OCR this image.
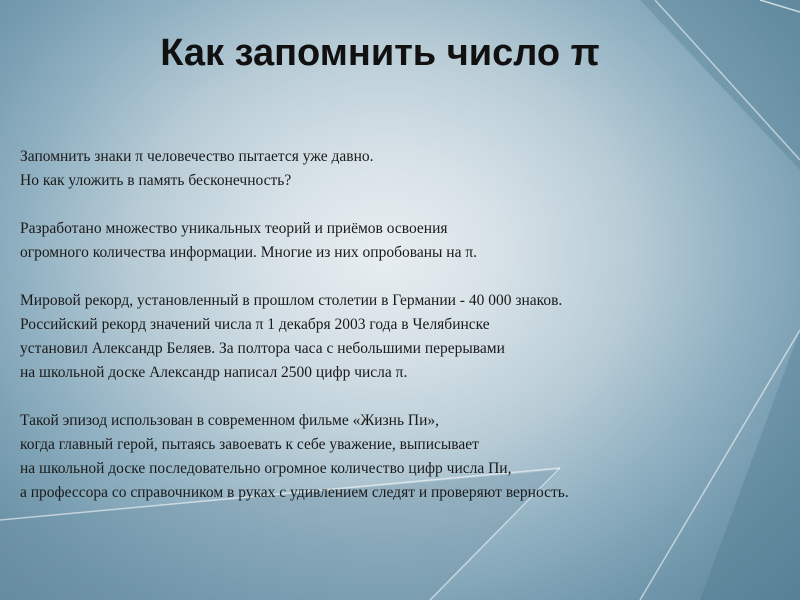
Как запомнить число π

Запомнить знаки π человечество пытается уже давно.
Но как уложить в память бесконечность?

Разработано множество уникальных теорий и приёмов освоения
огромного количества информации. Многие из них опробованы на π.

Мировой рекорд, установленный в прошлом столетии в Германии - 40 000 знаков.
Российский рекорд значений числа π 1 декабря 2003 года в Челябинске
установил Александр Беляев. За полтора часа с небольшими перерывами
на школьной доске Александр написал 2500 цифр числа π.

Такой эпизод использован в современном фильме «Жизнь Пи»,
когда главный герой, пытаясь завоевать к себе уважение, выписывает
на школьной доске последовательно огромное количество цифр числа Пи,
а профессора со справочником в руках с удивлением следят и проверяют верность.
